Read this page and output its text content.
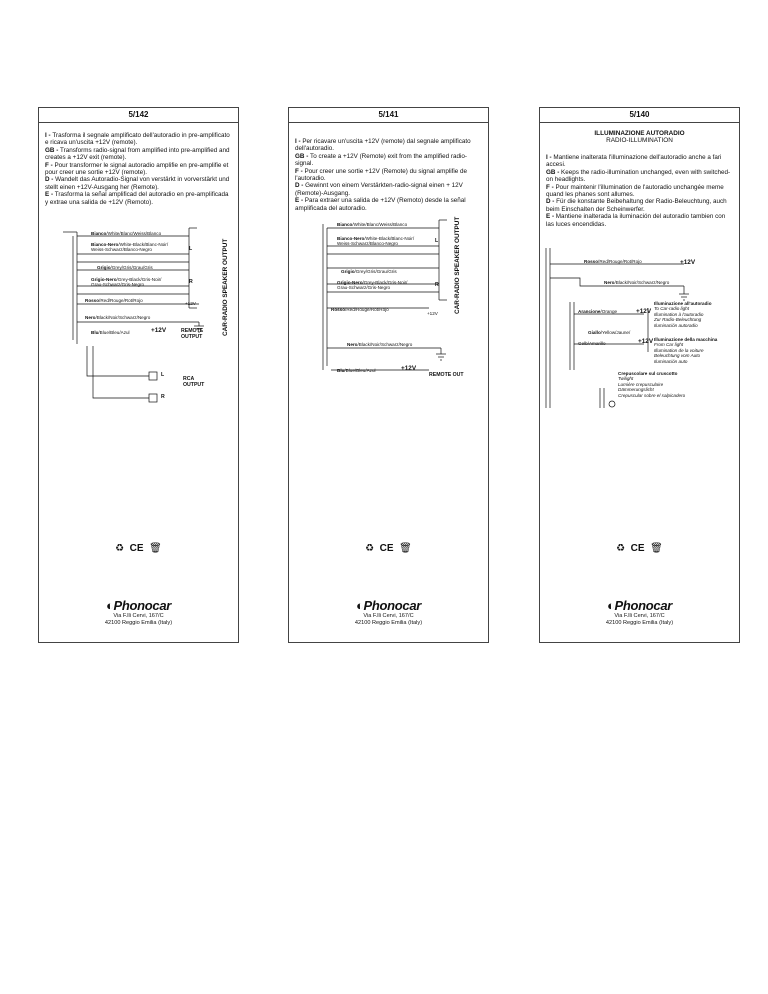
5/142

I - Trasforma il segnale amplificato dell'autoradio in pre-amplificato e ricava un'uscita +12V (remote).

GB - Transforms radio-signal from amplified into pre-amplified and creates a +12V exit (remote).

F - Pour transformer le signal autoradio amplifie en pre-amplifie et pour creer une sortie +12V (remote).

D - Wandelt das Autoradio-Signal von verstärkt in vorverstärkt und stellt einen +12V-Ausgang her (Remote).

E - Trasforma la señal amplificad del autoradio en pre-amplificada y extrae una salida de +12V (Remoto).

Bianco/White/Blanc/Weiss/Blanco
Bianco-Nero/White-Black/Blanc-Noir/
Weiss-Schwarz/Blanco-Negro	L
Grigio/Grey/Gris/Grau/Gris
Grigio-Nero/Grey-Black/Gris-Noir/
Grau-Schwarz/Gris-Negro	R
Rosso/Red/Rouge/Rot/Rojo
+12V
Nero/Black/Noir/Schwarz/Negro
Blu/Blue/Bleu/Azul	+12V	REMOTE
OUTPUT
L
R
RCA
OUTPUT
CAR-RADIO SPEAKER OUTPUT
♻ CE 🗑
◐Phonocar
Via F.lli Cervi, 167/C
42100 Reggio Emilia (Italy)
5/141

I - Per ricavare un'uscita +12V (remote) dal segnale amplificato dell'autoradio.

GB - To create a +12V (Remote) exit from the amplified radio-signal.

F - Pour creer une sortie +12V (Remote) du signal amplifie de l'autoradio.

D - Gewinnt von einem Verstärkten-radio-signal einen + 12V (Remote)-Ausgang.

E - Para extraer una salida de +12V (Remoto) desde la señal amplificada del autoradio.

Bianco/White/Blanc/Weiss/Blanco
Bianco-Nero/White-Black/Blanc-Noir/
Weiss-Schwarz/Blanco-Negro	L
Grigio/Grey/Gris/Grau/Gris
Grigio-Nero/Grey-Black/Gris-Noir/
Grau-Schwarz/Gris-Negro	R
Rosso/Red/Rouge/Rot/Rojo
+12V
Nero/Black/Noir/Schwarz/Negro
Blu/Blue/Bleu/Azul	+12V
REMOTE OUT
CAR-RADIO SPEAKER OUTPUT
♻ CE 🗑
◐Phonocar
Via F.lli Cervi, 167/C
42100 Reggio Emilia (Italy)
5/140
ILLUMINAZIONE AUTORADIO
RADIO-ILLUMINATION

I - Mantiene inalterata l'illuminazione dell'autoradio anche a fari accesi.

GB - Keeps the radio-illumination unchanged, even with switched-on headlights.

F - Pour maintenir l'illumination de l'autoradio unchangée meme quand les phanes sont allumes.

D - Für die konstante Beibehaltung der Radio-Beleuchtung, auch beim Einschalten der Scheinwerfer.

E - Mantiene inalterada la iluminación del autoradio tambien con las luces encendidas.

Rosso/Red/Rouge/Rot/Rojo	+12V
Nero/Black/Noir/Schwarz/Negro
Arancione/Orange	+12V
Illuminazione all'autoradio
To Car-radio light
Illumination à l'autoradio
Zur Radio-Beleuchtung
Iluminación autoradio
Giallo/Yellow/Jaune/
Gelb/Amarillo	+12V Illuminazione della macchina
From Car light
Illumination de la voiture
Beleuchtung vom Auto
Iluminación auto
Crepuscolare sul cruscotto
Twilight
Lumière crepusculaire
Dämmerungslicht
Crepuscular sobre el salpicadero
♻ CE 🗑
◐Phonocar
Via F.lli Cervi, 167/C
42100 Reggio Emilia (Italy)
